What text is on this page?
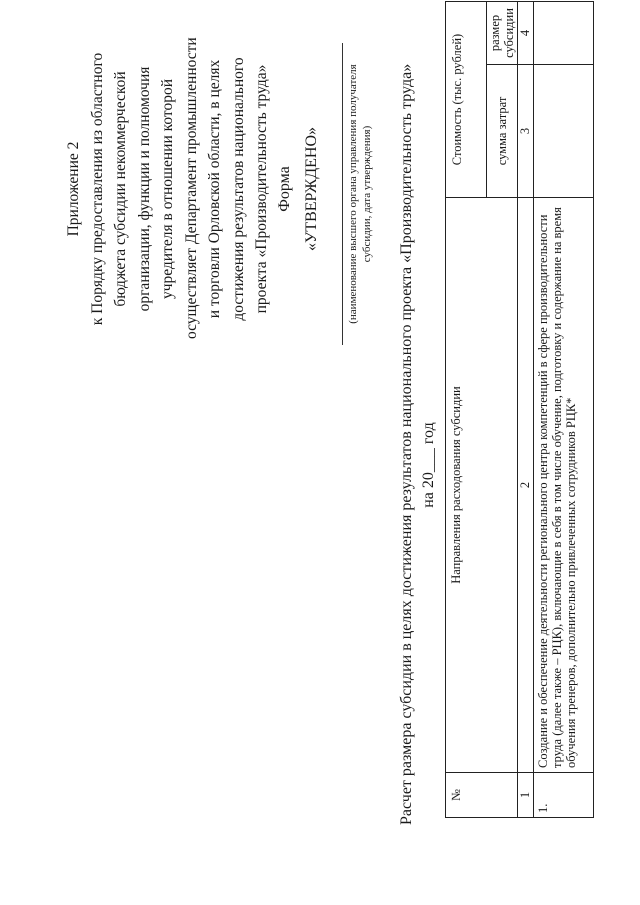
Приложение 2 к Порядку предоставления из областного бюджета субсидии некоммерческой организации, функции и полномочия учредителя в отношении которой осуществляет Департамент промышленности и торговли Орловской области, в целях достижения результатов национального проекта «Производительность труда» Форма «УТВЕРЖДЕНО» (наименование высшего органа управления получателя субсидии, дата утверждения) Расчет размера субсидии в целях достижения результатов национального проекта «Производительность труда» на 20___ год
№	Направления расходования субсидии	Стоимость (тыс. рублей)	
		сумма затрат	размер субсидии
1	2	3	4
1.	Создание и обеспечение деятельности регионального центра компетенций в сфере производительности труда (далее также – РЦК), включающие в себя в том числе обучение, подготовку и содержание на время обучения тренеров, дополнительно привлеченных сотрудников РЦК*		
